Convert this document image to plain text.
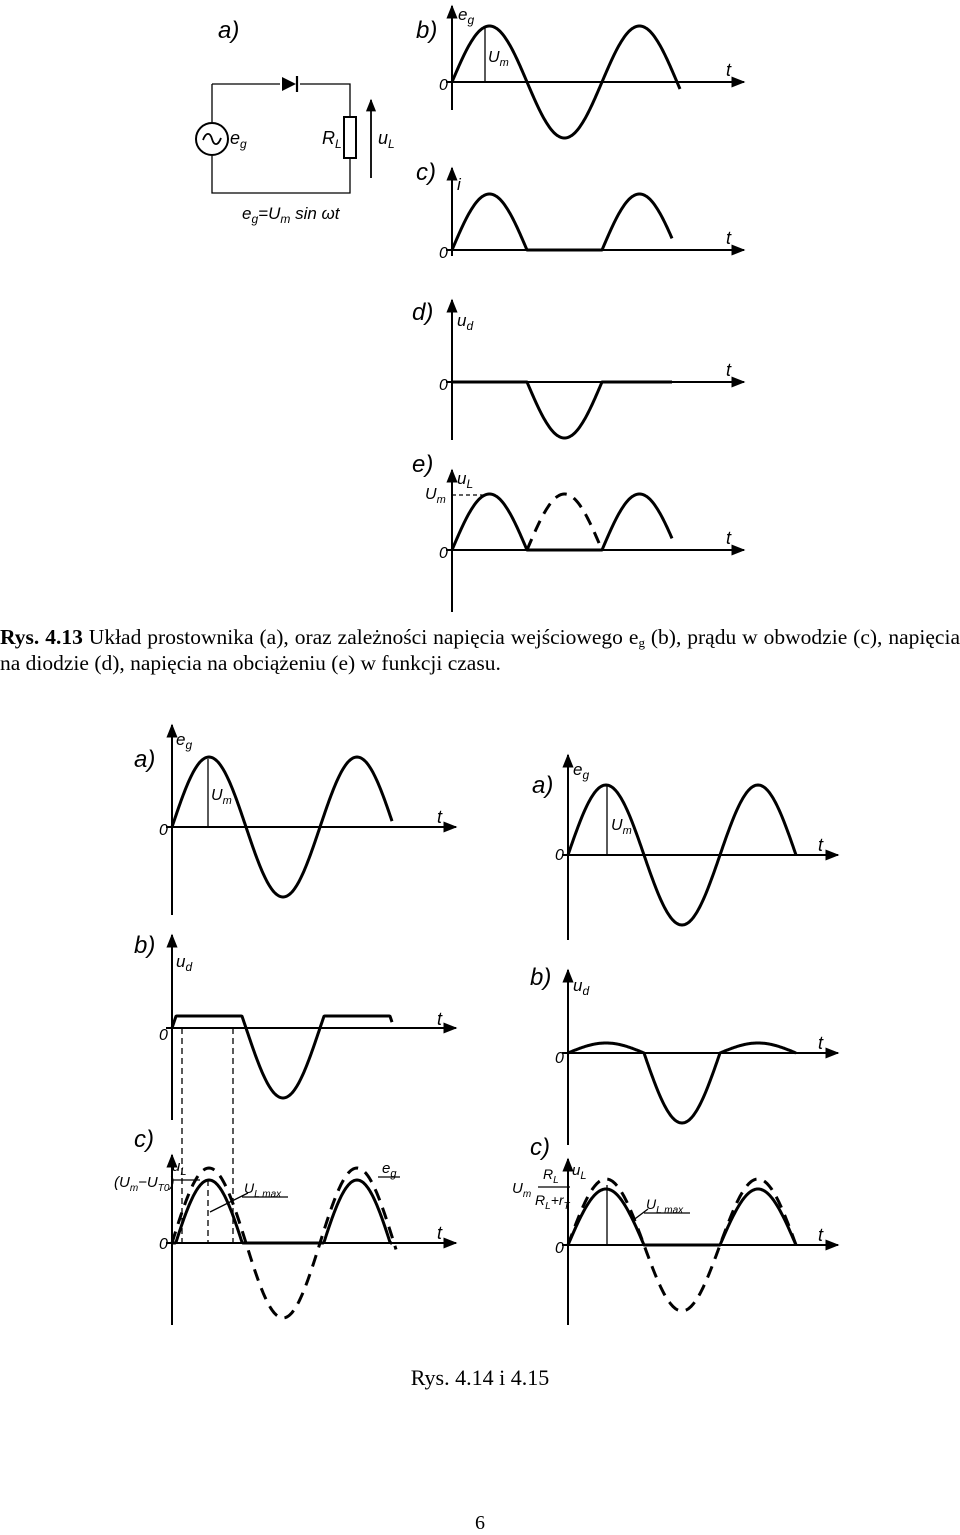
a)
$e_g$	$R_L$ $u_L$
$e_g=U_m$ sin ωt
b)
$e_g$
0
t
$U_m$
c) i
0
t
d) $u_d$
0
t
e)
$u_L$
$U_m$
0
t
Rys. 4.13 Układ prostownika (a), oraz zależności napięcia wejściowego $e_g$ (b), prądu w obwodzie (c), napięcia na diodzie (d), napięcia na obciążeniu (e) w funkcji czasu.
a)
$e_g$
$U_m$
0
t
b)
$u_d$
0
t
c)
$u_L$
$(U_m-U_{T0})$	$U_{L max}$
$e_g$
0
t
a)
$e_g$
$U_m$
0
t
b) $u_d$
0
t
c)
$u_L$
$U_m$
$R_L$
$R_L+r_T$	$U_{L max}$
0
t
Rys. 4.14 i 4.15
6
